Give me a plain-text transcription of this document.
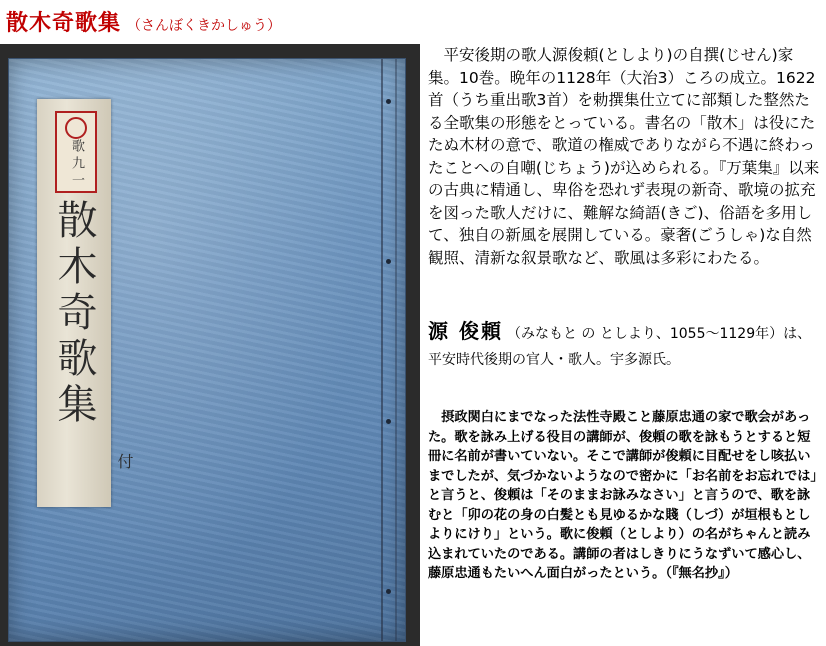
散木奇歌集 （さんぼくきかしゅう）
歌 九 一
散木奇歌集
付
平安後期の歌人源俊頼(としより)の自撰(じせん)家集。10巻。晩年の1128年（大治3）ころの成立。1622首（うち重出歌3首）を勅撰集仕立てに部類した整然たる全歌集の形態をとっている。書名の「散木」は役にたたぬ木材の意で、歌道の権威でありながら不遇に終わったことへの自嘲(じちょう)が込められる。『万葉集』以来の古典に精通し、卑俗を恐れず表現の新奇、歌境の拡充を図った歌人だけに、難解な綺語(きご)、俗語を多用して、独自の新風を展開している。豪奢(ごうしゃ)な自然観照、清新な叙景歌など、歌風は多彩にわたる。
源 俊頼 （みなもと の としより、1055〜1129年）は、平安時代後期の官人・歌人。宇多源氏。
摂政関白にまでなった法性寺殿こと藤原忠通の家で歌会があった。歌を詠み上げる役目の講師が、俊頼の歌を詠もうとすると短冊に名前が書いていない。そこで講師が俊頼に目配せをし咳払いまでしたが、気づかないようなので密かに「お名前をお忘れでは」と言うと、俊頼は「そのままお詠みなさい」と言うので、歌を詠むと「卯の花の身の白髪とも見ゆるかな賤（しづ）が垣根もとしよりにけり」という。歌に俊頼（としより）の名がちゃんと読み込まれていたのである。講師の者はしきりにうなずいて感心し、藤原忠通もたいへん面白がったという。（『無名抄』）
